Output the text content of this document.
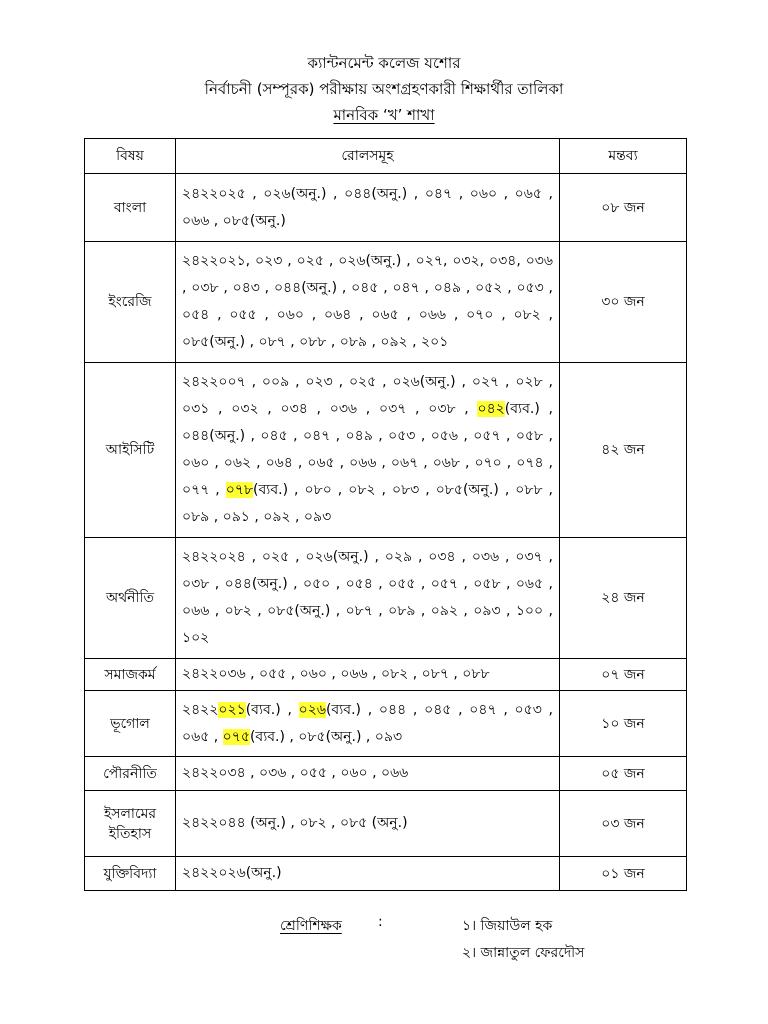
ক্যান্টনমেন্ট কলেজ যশোর
নির্বাচনী (সম্পূরক) পরীক্ষায় অংশগ্রহণকারী শিক্ষার্থীর তালিকা
মানবিক ‘খ’ শাখা
বিষয়	রোলসমূহ	মন্তব্য
বাংলা	২৪২২০২৫ , ০২৬(অনু.) , ০৪৪(অনু.) , ০৪৭ , ০৬০ , ০৬৫ , ০৬৬ , ০৮৫(অনু.)	০৮ জন
ইংরেজি	২৪২২০২১, ০২৩ , ০২৫ , ০২৬(অনু.) , ০২৭, ০৩২, ০৩৪, ০৩৬ , ০৩৮ , ০৪৩ , ০৪৪(অনু.) , ০৪৫ , ০৪৭ , ০৪৯ , ০৫২ , ০৫৩ , ০৫৪ , ০৫৫ , ০৬০ , ০৬৪ , ০৬৫ , ০৬৬ , ০৭০ , ০৮২ , ০৮৫(অনু.) , ০৮৭ , ০৮৮ , ০৮৯ , ০৯২ , ২০১	৩০ জন
আইসিটি	২৪২২০০৭ , ০০৯ , ০২৩ , ০২৫ , ০২৬(অনু.) , ০২৭ , ০২৮ , ০৩১ , ০৩২ , ০৩৪ , ০৩৬ , ০৩৭ , ০৩৮ , ০৪২(ব্যব.) , ০৪৪(অনু.) , ০৪৫ , ০৪৭ , ০৪৯ , ০৫৩ , ০৫৬ , ০৫৭ , ০৫৮ , ০৬০ , ০৬২ , ০৬৪ , ০৬৫ , ০৬৬ , ০৬৭ , ০৬৮ , ০৭০ , ০৭৪ , ০৭৭ , ০৭৮(ব্যব.) , ০৮০ , ০৮২ , ০৮৩ , ০৮৫(অনু.) , ০৮৮ , ০৮৯ , ০৯১ , ০৯২ , ০৯৩	৪২ জন
অর্থনীতি	২৪২২০২৪ , ০২৫ , ০২৬(অনু.) , ০২৯ , ০৩৪ , ০৩৬ , ০৩৭ , ০৩৮ , ০৪৪(অনু.) , ০৫০ , ০৫৪ , ০৫৫ , ০৫৭ , ০৫৮ , ০৬৫ , ০৬৬ , ০৮২ , ০৮৫(অনু.) , ০৮৭ , ০৮৯ , ০৯২ , ০৯৩ , ১০০ , ১০২	২৪ জন
সমাজকর্ম	২৪২২০৩৬ , ০৫৫ , ০৬০ , ০৬৬ , ০৮২ , ০৮৭ , ০৮৮	০৭ জন
ভূগোল	২৪২২০২১(ব্যব.) , ০২৬(ব্যব.) , ০৪৪ , ০৪৫ , ০৪৭ , ০৫৩ , ০৬৫ , ০৭৫(ব্যব.) , ০৮৫(অনু.) , ০৯৩	১০ জন
পৌরনীতি	২৪২২০৩৪ , ০৩৬ , ০৫৫ , ০৬০ , ০৬৬	০৫ জন
ইসলামের ইতিহাস	২৪২২০৪৪ (অনু.) , ০৮২ , ০৮৫ (অনু.)	০৩ জন
যুক্তিবিদ্যা	২৪২২০২৬(অনু.)	০১ জন
শ্রেণিশিক্ষক	:	১। জিয়াউল হক
২। জান্নাতুল ফেরদৌস
